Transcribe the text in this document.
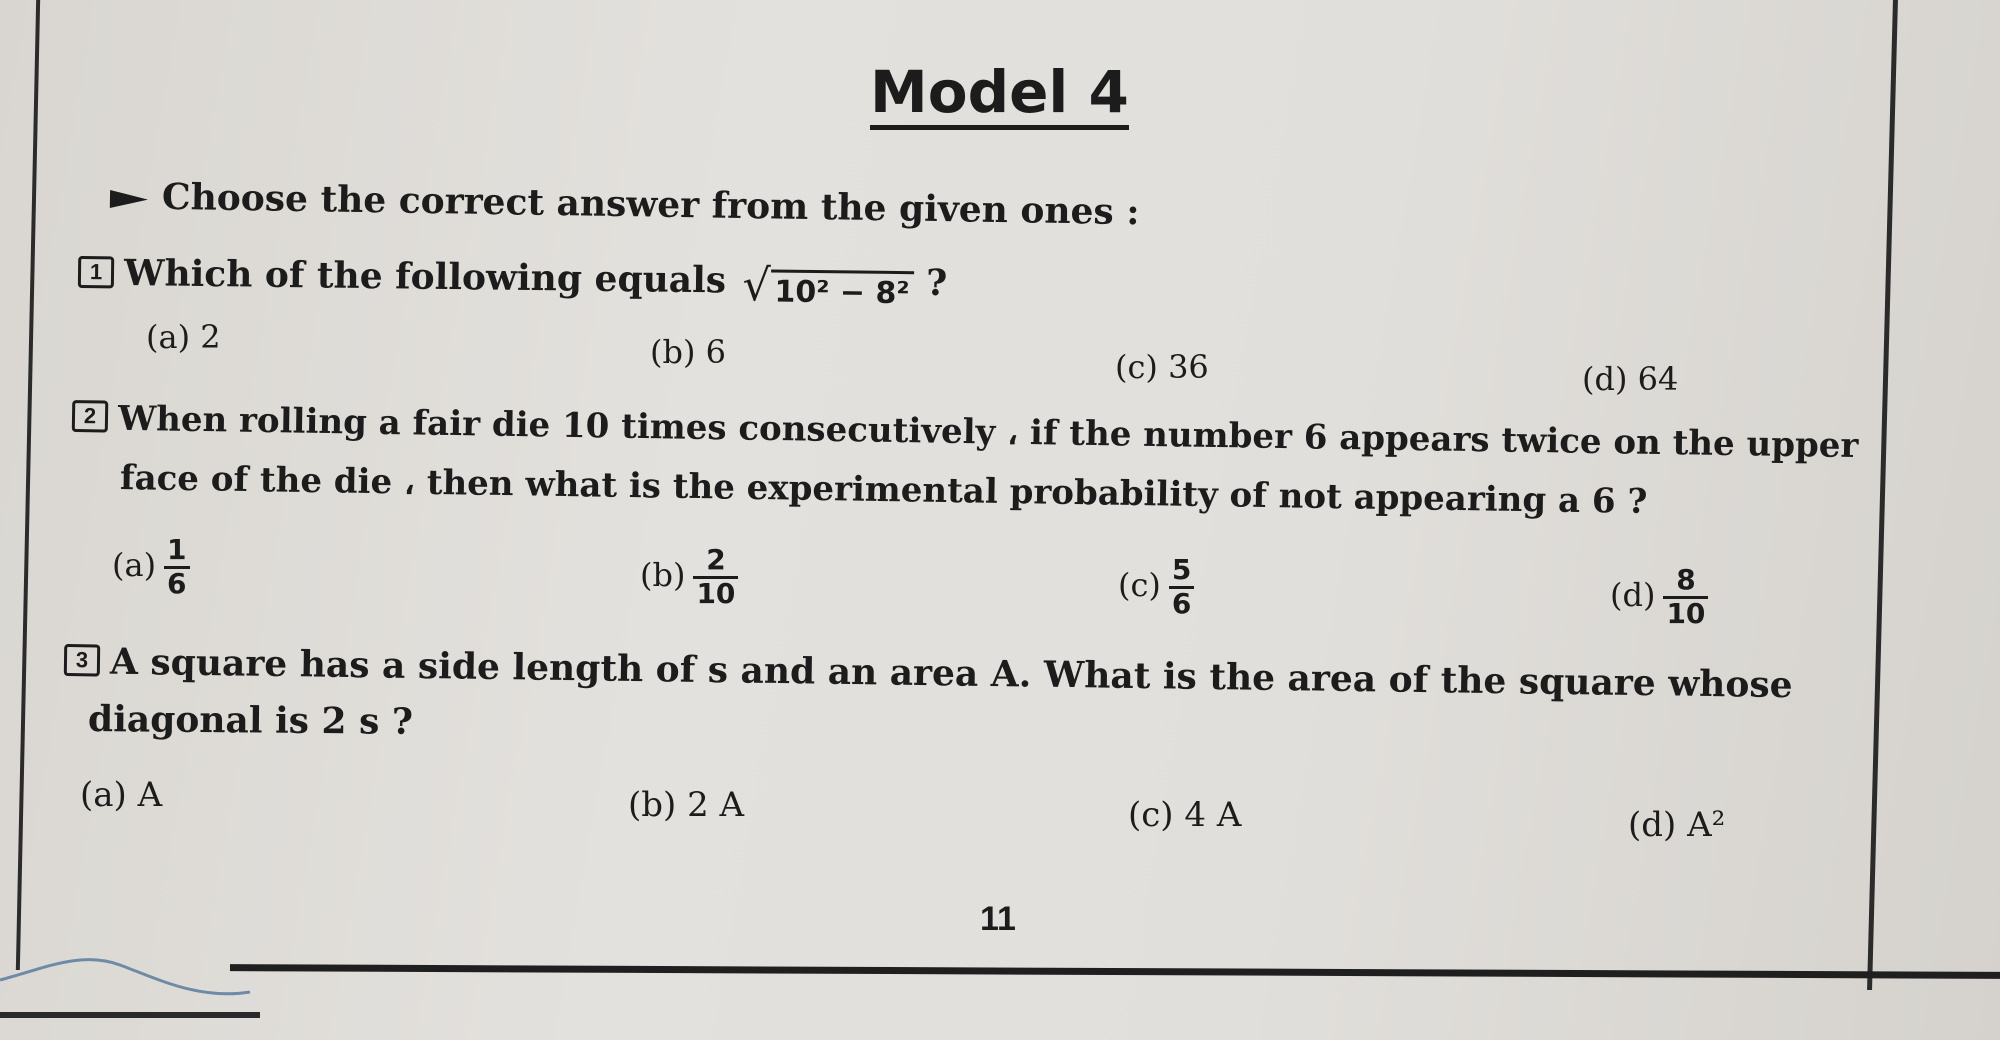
Model 4
Choose the correct answer from the given ones :
1 Which of the following equals √ 10² − 8² ?
(a) 2	(b) 6	(c) 36	(d) 64
2 When rolling a fair die 10 times consecutively ، if the number 6 appears twice on the upper
face of the die ، then what is the experimental probability of not appearing a 6 ?
$(a) \frac{1}{6}$	$(b) \frac{2}{10}$	$(c) \frac{5}{6}$	$(d) \frac{8}{10}$
3 A square has a side length of s and an area A. What is the area of the square whose
diagonal is 2 s ?
(a) A	(b) 2 A	(c) 4 A	(d) A²
11
